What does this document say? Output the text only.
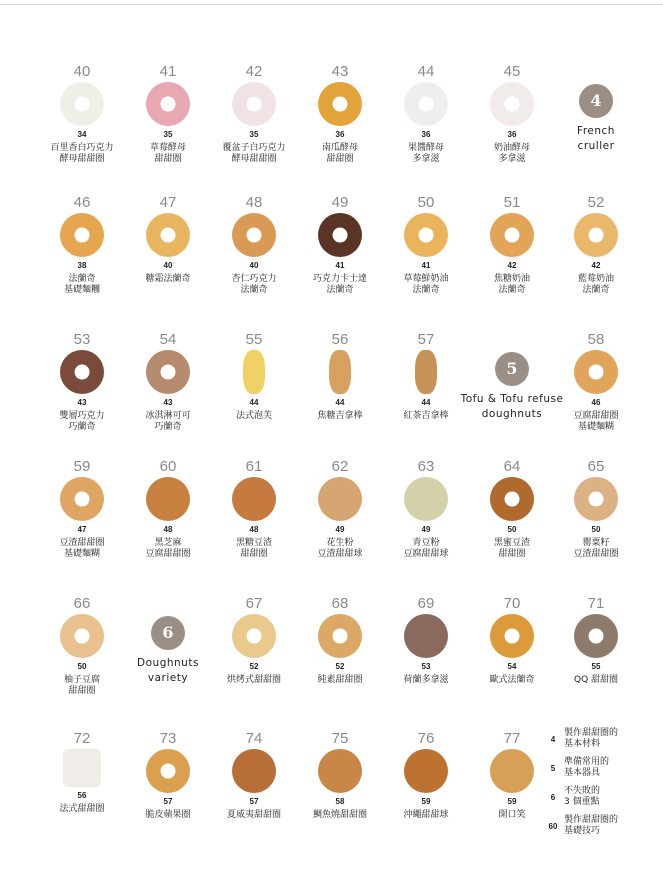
40
34
百里香白巧克力
酵母甜甜圈
41
35
草莓酵母
甜甜圈
42
35
覆盆子白巧克力
酵母甜甜圈
43
36
南瓜酵母
甜甜圈
44
36
果醬酵母
多拿滋
45
36
奶油酵母
多拿滋
4
French
cruller
46
38
法蘭奇
基礎麵糰
47
40
糖霜法蘭奇
48
40
杏仁巧克力
法蘭奇
49
41
巧克力卡士達
法蘭奇
50
41
草莓鮮奶油
法蘭奇
51
42
焦糖奶油
法蘭奇
52
42
藍莓奶油
法蘭奇
53
43
雙層巧克力
巧蘭奇
54
43
冰淇淋可可
巧蘭奇
55
44
法式泡芙
56
44
焦糖吉拿棒
57
44
紅茶吉拿棒
5
Tofu & Tofu refuse
doughnuts
58
46
豆腐甜甜圈
基礎麵糊
59
47
豆渣甜甜圈
基礎麵糊
60
48
黑芝麻
豆腐甜甜圈
61
48
黑糖豆渣
甜甜圈
62
49
花生粉
豆渣甜甜球
63
49
青豆粉
豆腐甜甜球
64
50
黑蜜豆渣
甜甜圈
65
50
罌粟籽
豆渣甜甜圈
66
50
柚子豆腐
甜甜圈
6
Doughnuts
variety
67
52
烘烤式甜甜圈
68
52
純素甜甜圈
69
53
荷蘭多拿滋
70
54
歐式法蘭奇
71
55
QQ 甜甜圈
72
56
法式甜甜圈
73
57
脆皮蘋果圈
74
57
夏威夷甜甜圈
75
58
鯛魚燒甜甜圈
76
59
沖繩甜甜球
77
59
開口笑
4
製作甜甜圈的
基本材料
5
準備常用的
基本器具
6
不失敗的
3 個重點
60
製作甜甜圈的
基礎技巧
